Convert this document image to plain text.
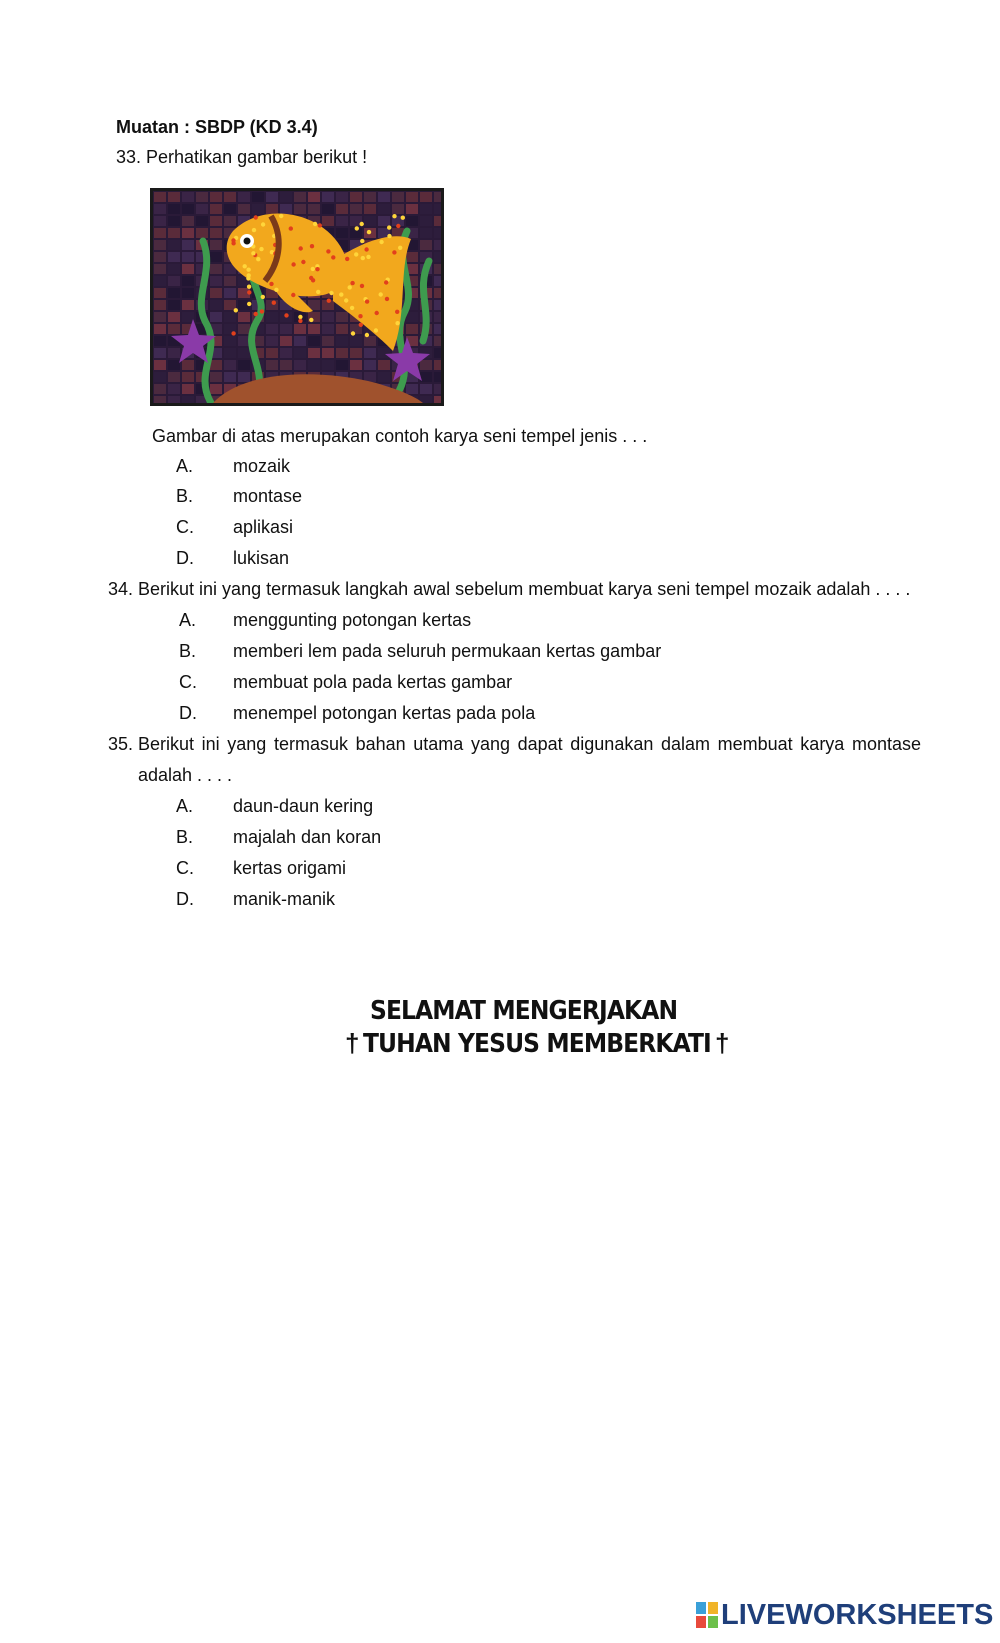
Muatan : SBDP (KD 3.4)
33. Perhatikan gambar berikut !
Gambar di atas merupakan contoh karya seni tempel jenis . . .
A. mozaik
B. montase
C. aplikasi
D. lukisan
34. Berikut ini yang termasuk langkah awal sebelum membuat karya seni tempel mozaik adalah . . . .
A. menggunting potongan kertas
B. memberi lem pada seluruh permukaan kertas gambar
C. membuat pola pada kertas gambar
D. menempel potongan kertas pada pola
35. Berikut ini yang termasuk bahan utama yang dapat digunakan dalam membuat karya montase
adalah . . . .
A. daun-daun kering
B. majalah dan koran
C. kertas origami
D. manik-manik
SELAMAT MENGERJAKAN
† TUHAN YESUS MEMBERKATI †
LIVEWORKSHEETS
